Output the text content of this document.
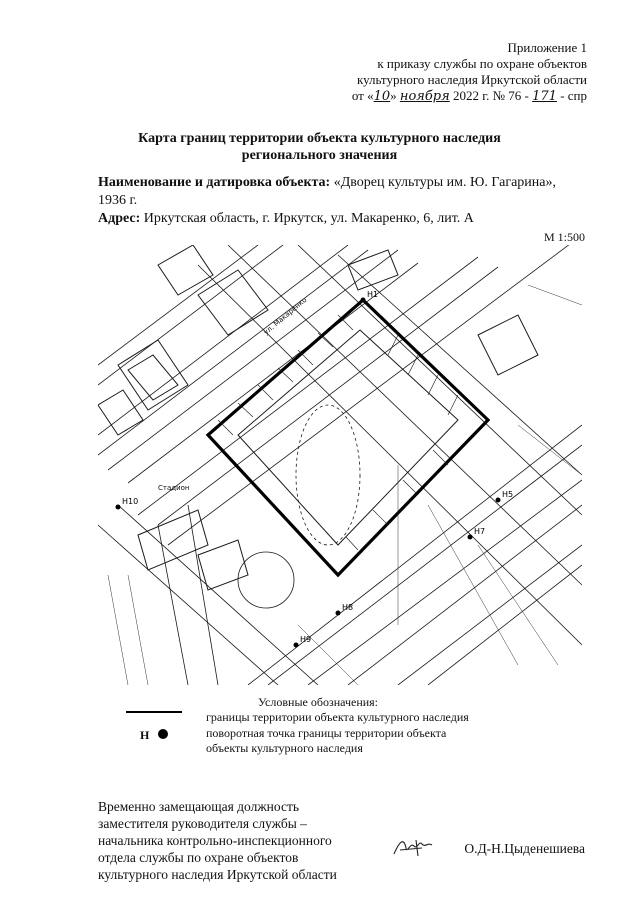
Приложение 1
к приказу службы по охране объектов
культурного наследия Иркутской области
от «10» ноября 2022 г. № 76 - 171 - спр
Карта границ территории объекта культурного наследия
регионального значения
Наименование и датировка объекта: «Дворец культуры им. Ю. Гагарина»,
1936 г.
Адрес: Иркутская область, г. Иркутск, ул. Макаренко, 6, лит. А
М 1:500
ул. Макаренко
Стадион
Н1
Н5
Н7
Н8
Н9
Н10
Условные обозначения:
границы территории объекта культурного наследия
Н	поворотная точка границы территории объекта
объекты культурного наследия
Временно замещающая должность
заместителя руководителя службы –
начальника контрольно-инспекционного
отдела службы по охране объектов
культурного наследия Иркутской области
О.Д-Н.Цыденешиева
